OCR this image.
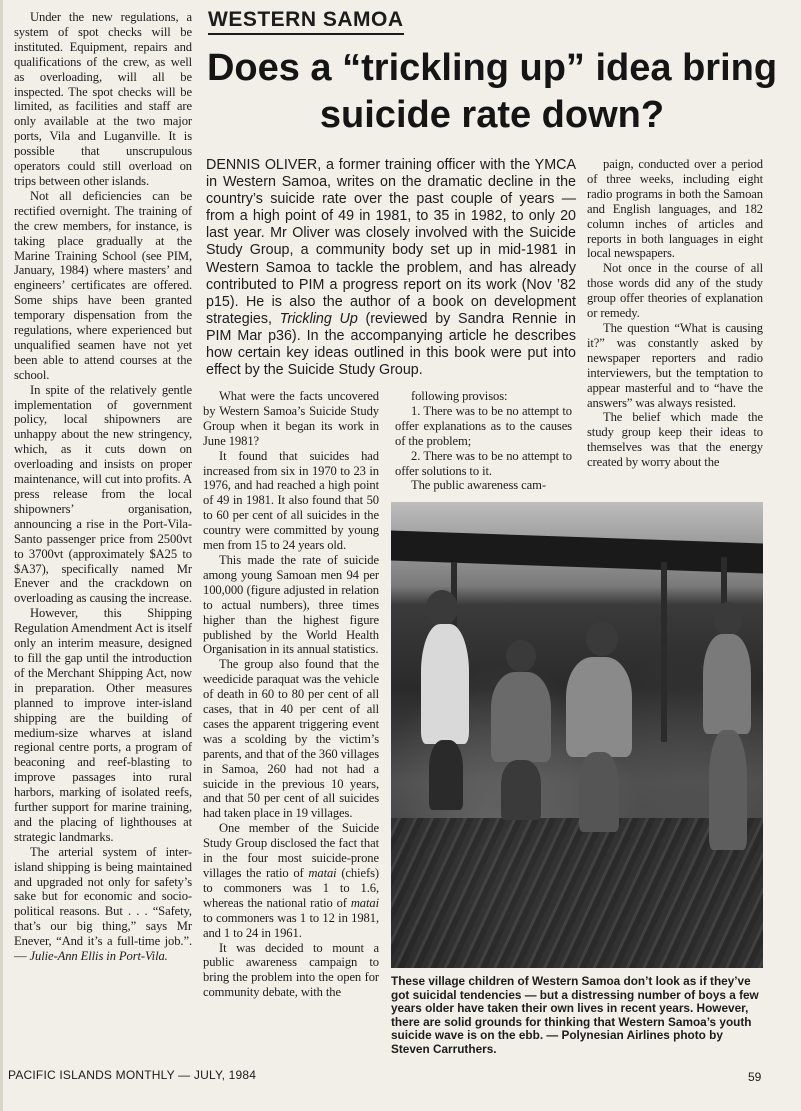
Under the new regulations, a system of spot checks will be instituted. Equipment, repairs and qualifications of the crew, as well as overloading, will all be inspected. The spot checks will be limited, as facilities and staff are only available at the two major ports, Vila and Luganville. It is possible that unscrupulous operators could still overload on trips between other islands.

Not all deficiencies can be rectified overnight. The training of the crew members, for instance, is taking place gradually at the Marine Training School (see PIM, January, 1984) where masters’ and engineers’ certificates are offered. Some ships have been granted temporary dispensation from the regulations, where experienced but unqualified seamen have not yet been able to attend courses at the school.

In spite of the relatively gentle implementation of government policy, local shipowners are unhappy about the new stringency, which, as it cuts down on overloading and insists on proper maintenance, will cut into profits. A press release from the local shipowners’ organisation, announcing a rise in the Port-Vila-Santo passenger price from 2500vt to 3700vt (approximately $A25 to $A37), specifically named Mr Enever and the crackdown on overloading as causing the increase.

However, this Shipping Regulation Amendment Act is itself only an interim measure, designed to fill the gap until the introduction of the Merchant Shipping Act, now in preparation. Other measures planned to improve inter-island shipping are the building of medium-size wharves at island regional centre ports, a program of beaconing and reef-blasting to improve passages into rural harbors, marking of isolated reefs, further support for marine training, and the placing of lighthouses at strategic landmarks.

The arterial system of inter-island shipping is being maintained and upgraded not only for safety’s sake but for economic and socio-political reasons. But . . . “Safety, that’s our big thing,” says Mr Enever, “And it’s a full-time job.”. — Julie-Ann Ellis in Port-Vila.

WESTERN SAMOA
Does a “trickling up” idea bring suicide rate down?
DENNIS OLIVER, a former training officer with the YMCA in Western Samoa, writes on the dramatic decline in the country’s suicide rate over the past couple of years — from a high point of 49 in 1981, to 35 in 1982, to only 20 last year. Mr Oliver was closely involved with the Suicide Study Group, a community body set up in mid-1981 in Western Samoa to tackle the problem, and has already contributed to PIM a progress report on its work (Nov ’82 p15). He is also the author of a book on development strategies, Trickling Up (reviewed by Sandra Rennie in PIM Mar p36). In the accompanying article he describes how certain key ideas outlined in this book were put into effect by the Suicide Study Group.

What were the facts uncovered by Western Samoa’s Suicide Study Group when it began its work in June 1981?

It found that suicides had increased from six in 1970 to 23 in 1976, and had reached a high point of 49 in 1981. It also found that 50 to 60 per cent of all suicides in the country were committed by young men from 15 to 24 years old.

This made the rate of suicide among young Samoan men 94 per 100,000 (figure adjusted in relation to actual numbers), three times higher than the highest figure published by the World Health Organisation in its annual statistics.

The group also found that the weedicide paraquat was the vehicle of death in 60 to 80 per cent of all cases, that in 40 per cent of all cases the apparent triggering event was a scolding by the victim’s parents, and that of the 360 villages in Samoa, 260 had not had a suicide in the previous 10 years, and that 50 per cent of all suicides had taken place in 19 villages.

One member of the Suicide Study Group disclosed the fact that in the four most suicide-prone villages the ratio of matai (chiefs) to commoners was 1 to 1.6, whereas the national ratio of matai to commoners was 1 to 12 in 1981, and 1 to 24 in 1961.

It was decided to mount a public awareness campaign to bring the problem into the open for community debate, with the

following provisos:

1. There was to be no attempt to offer explanations as to the causes of the problem;

2. There was to be no attempt to offer solutions to it.

The public awareness cam-

paign, conducted over a period of three weeks, including eight radio programs in both the Samoan and English languages, and 182 column inches of articles and reports in both languages in eight local newspapers.

Not once in the course of all those words did any of the study group offer theories of explanation or remedy.

The question “What is causing it?” was constantly asked by newspaper reporters and radio interviewers, but the temptation to appear masterful and to “have the answers” was always resisted.

The belief which made the study group keep their ideas to themselves was that the energy created by worry about the

These village children of Western Samoa don’t look as if they’ve got suicidal tendencies — but a distressing number of boys a few years older have taken their own lives in recent years. However, there are solid grounds for thinking that Western Samoa’s youth suicide wave is on the ebb. — Polynesian Airlines photo by Steven Carruthers.
PACIFIC ISLANDS MONTHLY — JULY, 1984	59
